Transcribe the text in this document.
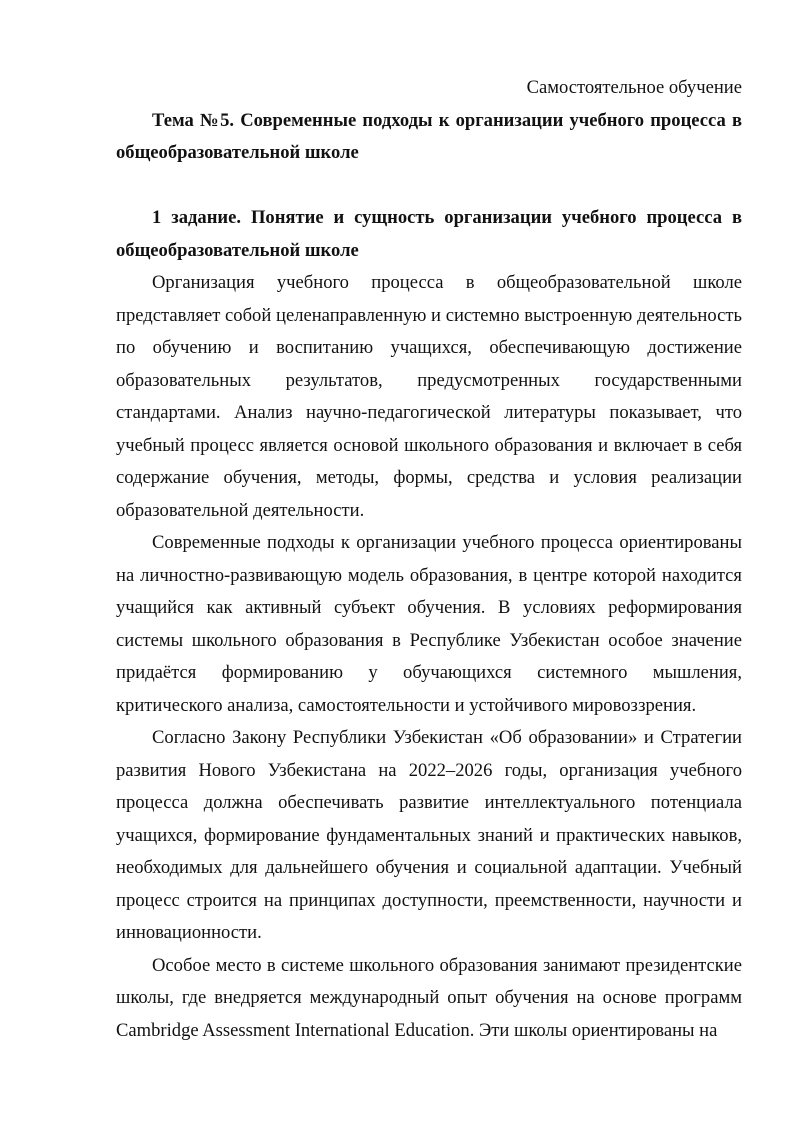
Самостоятельное обучение

Тема №5. Современные подходы к организации учебного процесса в общеобразовательной школе

1 задание. Понятие и сущность организации учебного процесса в общеобразовательной школе

Организация учебного процесса в общеобразовательной школе представляет собой целенаправленную и системно выстроенную деятельность по обучению и воспитанию учащихся, обеспечивающую достижение образовательных результатов, предусмотренных государственными стандартами. Анализ научно-педагогической литературы показывает, что учебный процесс является основой школьного образования и включает в себя содержание обучения, методы, формы, средства и условия реализации образовательной деятельности.

Современные подходы к организации учебного процесса ориентированы на личностно-развивающую модель образования, в центре которой находится учащийся как активный субъект обучения. В условиях реформирования системы школьного образования в Республике Узбекистан особое значение придаётся формированию у обучающихся системного мышления, критического анализа, самостоятельности и устойчивого мировоззрения.

Согласно Закону Республики Узбекистан «Об образовании» и Стратегии развития Нового Узбекистана на 2022–2026 годы, организация учебного процесса должна обеспечивать развитие интеллектуального потенциала учащихся, формирование фундаментальных знаний и практических навыков, необходимых для дальнейшего обучения и социальной адаптации. Учебный процесс строится на принципах доступности, преемственности, научности и инновационности.

Особое место в системе школьного образования занимают президентские школы, где внедряется международный опыт обучения на основе программ Cambridge Assessment International Education. Эти школы ориентированы на
